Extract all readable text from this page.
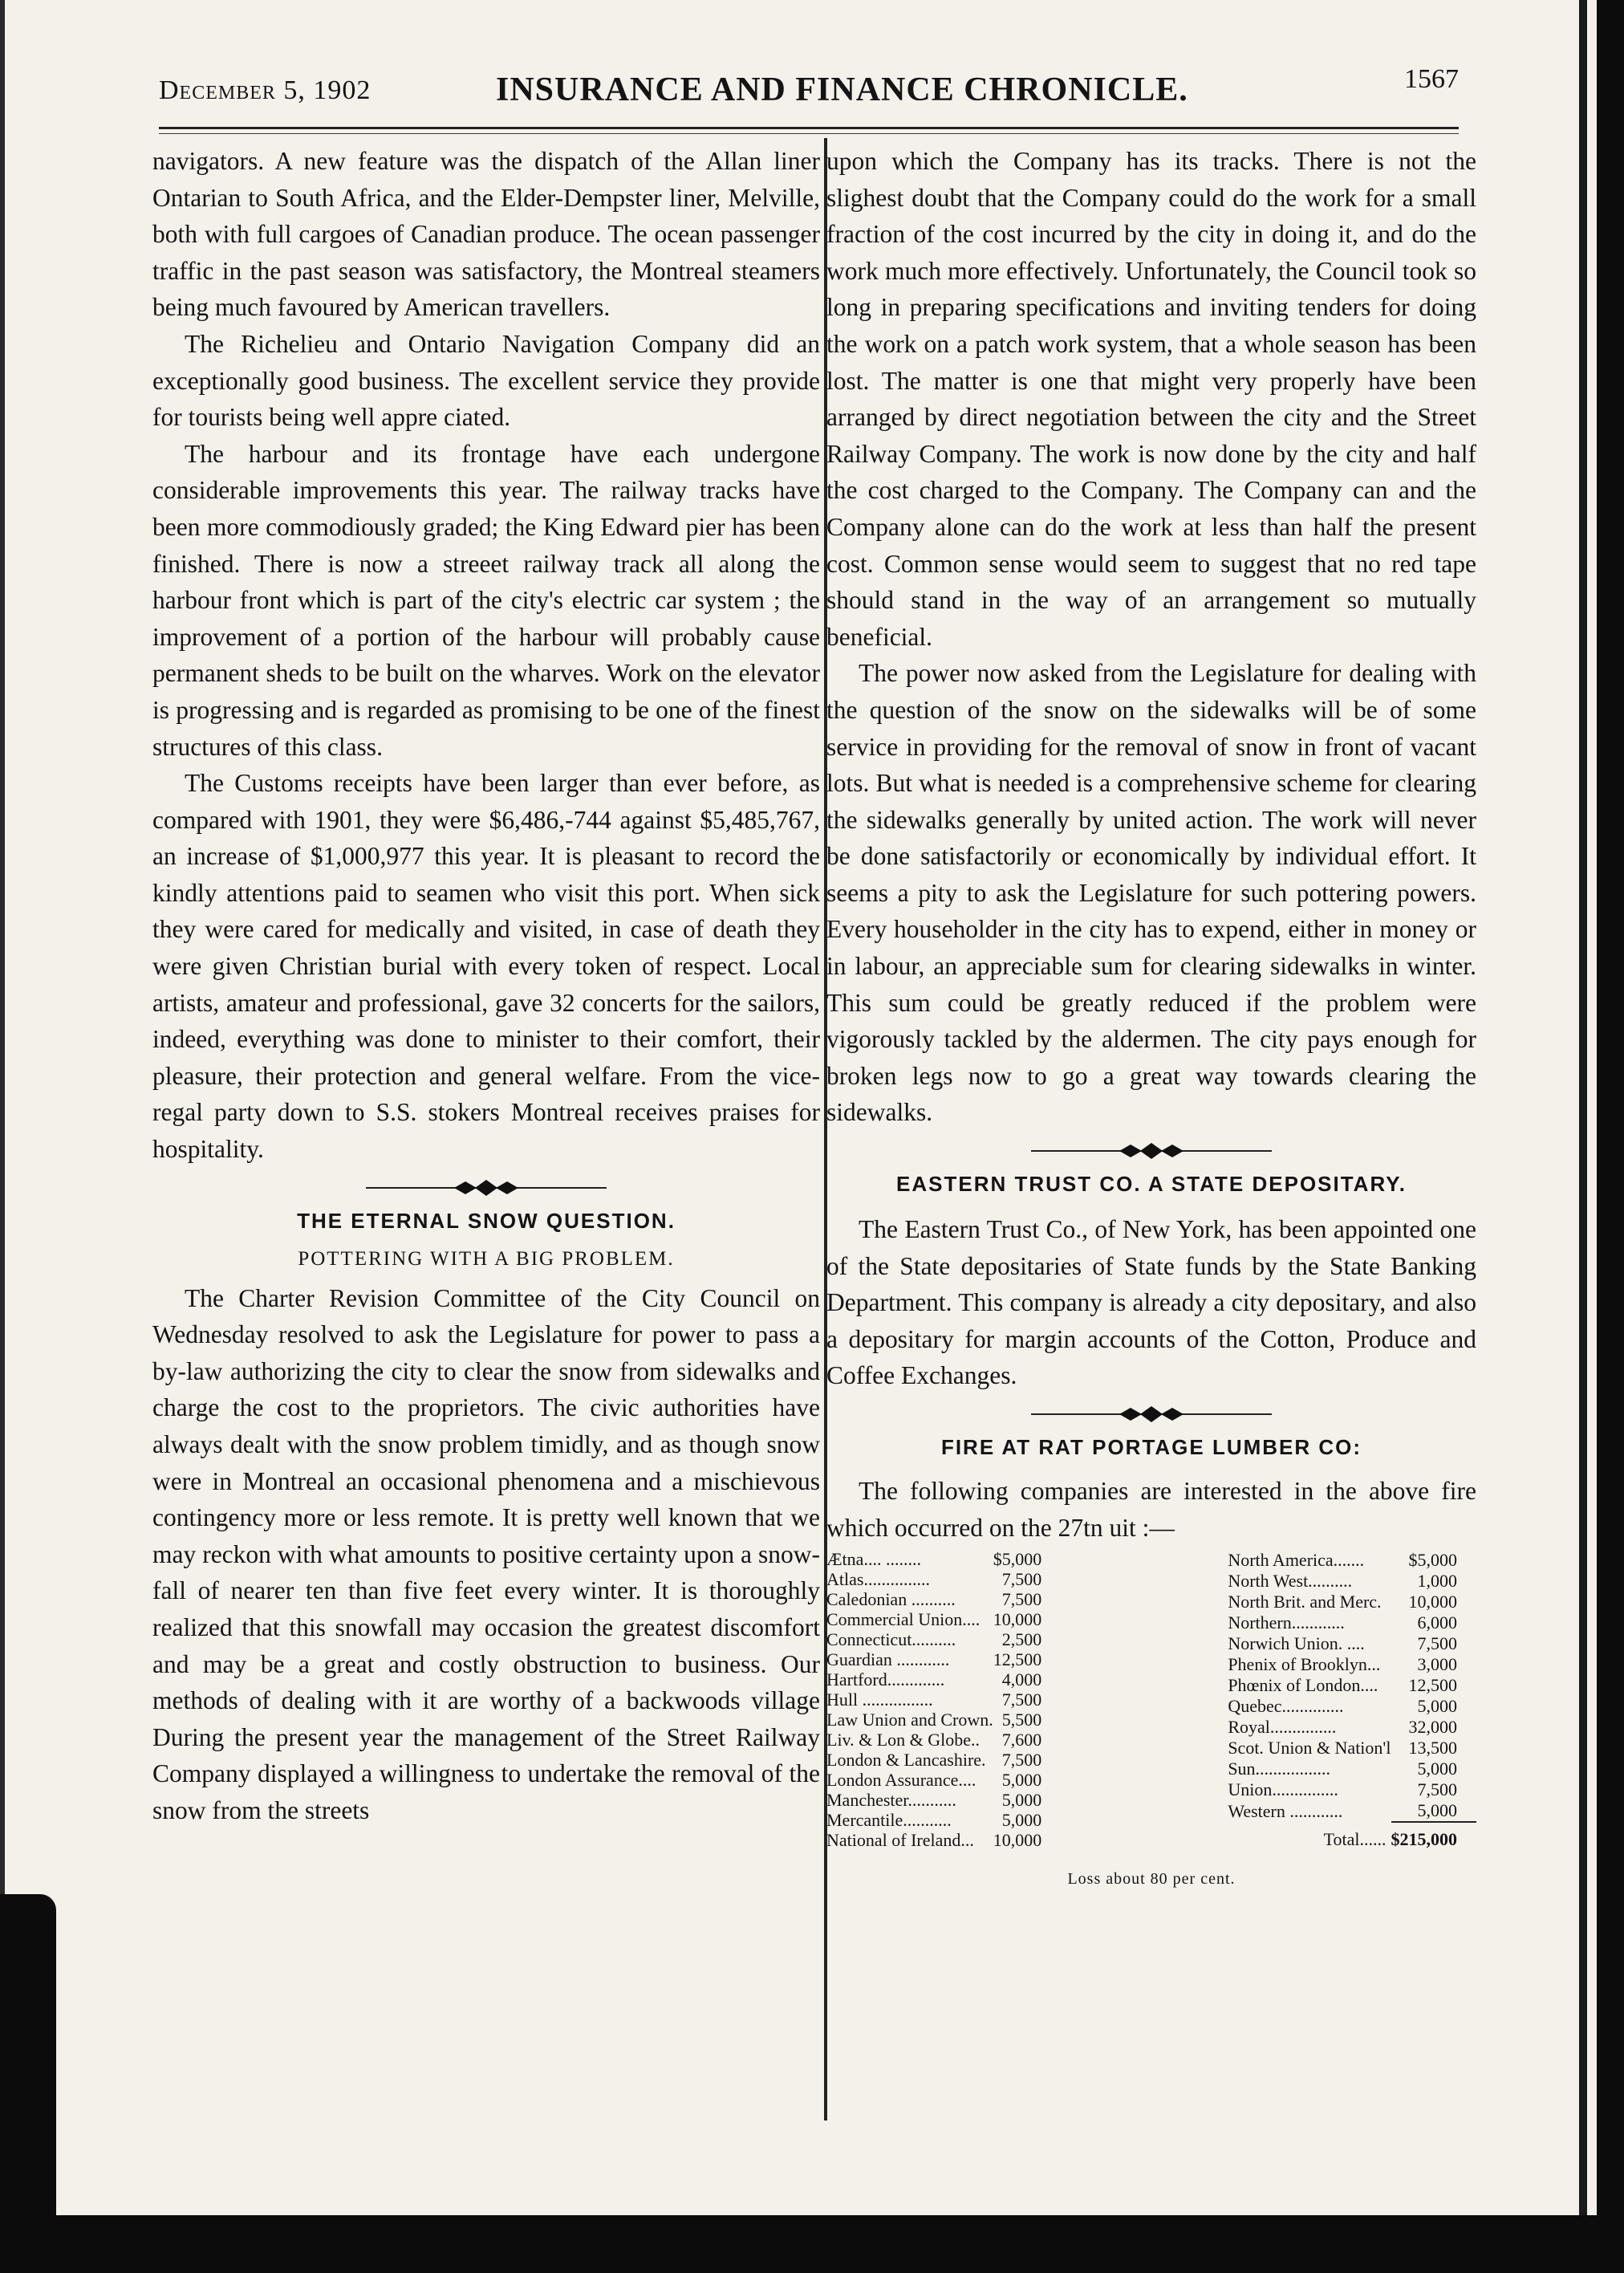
December 5, 1902	INSURANCE AND FINANCE CHRONICLE.	1567

navigators. A new feature was the dispatch of the Allan liner Ontarian to South Africa, and the Elder-Dempster liner, Melville, both with full cargoes of Canadian produce. The ocean passenger traffic in the past season was satisfactory, the Montreal steamers being much favoured by American travellers.

The Richelieu and Ontario Navigation Company did an exceptionally good business. The excellent service they provide for tourists being well appre ciated.

The harbour and its frontage have each undergone considerable improvements this year. The railway tracks have been more commodiously graded; the King Edward pier has been finished. There is now a streeet railway track all along the harbour front which is part of the city's electric car system ; the improvement of a portion of the harbour will probably cause permanent sheds to be built on the wharves. Work on the elevator is progressing and is regarded as promising to be one of the finest structures of this class.

The Customs receipts have been larger than ever before, as compared with 1901, they were $6,486,-744 against $5,485,767, an increase of $1,000,977 this year. It is pleasant to record the kindly attentions paid to seamen who visit this port. When sick they were cared for medically and visited, in case of death they were given Christian burial with every token of respect. Local artists, amateur and professional, gave 32 concerts for the sailors, indeed, everything was done to minister to their comfort, their pleasure, their protection and general welfare. From the vice-regal party down to S.S. stokers Montreal receives praises for hospitality.

THE ETERNAL SNOW QUESTION.
POTTERING WITH A BIG PROBLEM.

The Charter Revision Committee of the City Council on Wednesday resolved to ask the Legislature for power to pass a by-law authorizing the city to clear the snow from sidewalks and charge the cost to the proprietors. The civic authorities have always dealt with the snow problem timidly, and as though snow were in Montreal an occasional phenomena and a mischievous contingency more or less remote. It is pretty well known that we may reckon with what amounts to positive certainty upon a snow-fall of nearer ten than five feet every winter. It is thoroughly realized that this snowfall may occasion the greatest discomfort and may be a great and costly obstruction to business. Our methods of dealing with it are worthy of a backwoods village During the present year the management of the Street Railway Company displayed a willingness to undertake the removal of the snow from the streets

upon which the Company has its tracks. There is not the slighest doubt that the Company could do the work for a small fraction of the cost incurred by the city in doing it, and do the work much more effectively. Unfortunately, the Council took so long in preparing specifications and inviting tenders for doing the work on a patch work system, that a whole season has been lost. The matter is one that might very properly have been arranged by direct negotiation between the city and the Street Railway Company. The work is now done by the city and half the cost charged to the Company. The Company can and the Company alone can do the work at less than half the present cost. Common sense would seem to suggest that no red tape should stand in the way of an arrangement so mutually beneficial.

The power now asked from the Legislature for dealing with the question of the snow on the sidewalks will be of some service in providing for the removal of snow in front of vacant lots. But what is needed is a comprehensive scheme for clearing the sidewalks generally by united action. The work will never be done satisfactorily or economically by individual effort. It seems a pity to ask the Legislature for such pottering powers. Every householder in the city has to expend, either in money or in labour, an appreciable sum for clearing sidewalks in winter. This sum could be greatly reduced if the problem were vigorously tackled by the aldermen. The city pays enough for broken legs now to go a great way towards clearing the sidewalks.

EASTERN TRUST CO. A STATE DEPOSITARY.

The Eastern Trust Co., of New York, has been appointed one of the State depositaries of State funds by the State Banking Department. This company is already a city depositary, and also a depositary for margin accounts of the Cotton, Produce and Coffee Exchanges.

FIRE AT RAT PORTAGE LUMBER CO:

The following companies are interested in the above fire which occurred on the 27tn uit :—

Ætna.... ........	$5,000
Atlas...............	7,500
Caledonian ..........	7,500
Commercial Union....	10,000
Connecticut..........	2,500
Guardian ............	12,500
Hartford.............	4,000
Hull ................	7,500
Law Union and Crown.	5,500
Liv. & Lon & Globe..	7,600
London & Lancashire.	7,500
London Assurance....	5,000
Manchester...........	5,000
Mercantile...........	5,000
National of Ireland...	10,000
North America.......	$5,000
North West..........	1,000
North Brit. and Merc.	10,000
Northern............	6,000
Norwich Union. ....	7,500
Phenix of Brooklyn...	3,000
Phœnix of London....	12,500
Quebec..............	5,000
Royal...............	32,000
Scot. Union & Nation'l	13,500
Sun.................	5,000
Union...............	7,500
Western ............	5,000
Total......	$215,000
Loss about 80 per cent.
